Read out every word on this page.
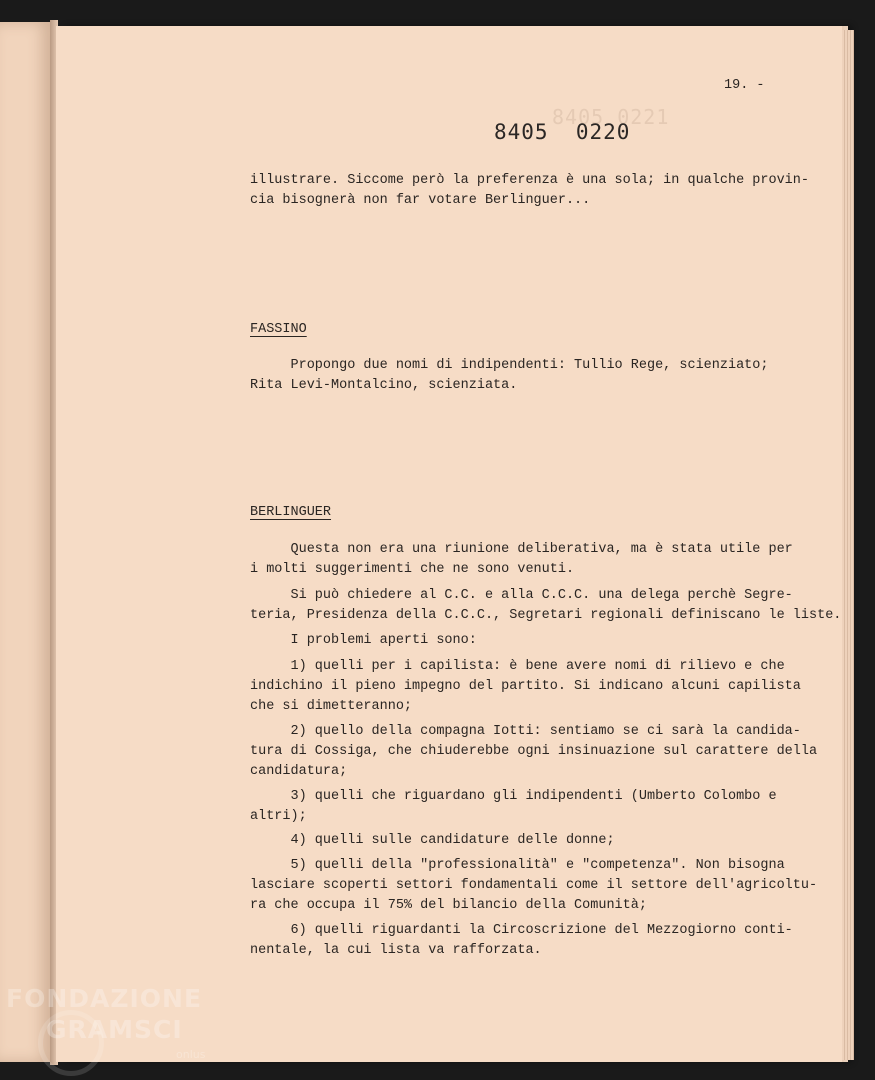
8405 0221
19. -
8405  0220
illustrare. Siccome però la preferenza è una sola; in qualche provin-
cia bisognerà non far votare Berlinguer...
FASSINO
Propongo due nomi di indipendenti: Tullio Rege, scienziato;
Rita Levi-Montalcino, scienziata.
BERLINGUER
Questa non era una riunione deliberativa, ma è stata utile per
i molti suggerimenti che ne sono venuti.
Si può chiedere al C.C. e alla C.C.C. una delega perchè Segre-
teria, Presidenza della C.C.C., Segretari regionali definiscano le liste.
I problemi aperti sono:
1) quelli per i capilista: è bene avere nomi di rilievo e che
indichino il pieno impegno del partito. Si indicano alcuni capilista
che si dimetteranno;
2) quello della compagna Iotti: sentiamo se ci sarà la candida-
tura di Cossiga, che chiuderebbe ogni insinuazione sul carattere della
candidatura;
3) quelli che riguardano gli indipendenti (Umberto Colombo e
altri);
4) quelli sulle candidature delle donne;
5) quelli della "professionalità" e "competenza". Non bisogna
lasciare scoperti settori fondamentali come il settore dell'agricoltu-
ra che occupa il 75% del bilancio della Comunità;
6) quelli riguardanti la Circoscrizione del Mezzogiorno conti-
nentale, la cui lista va rafforzata.
FONDAZIONE
GRAMSCI
onlus
